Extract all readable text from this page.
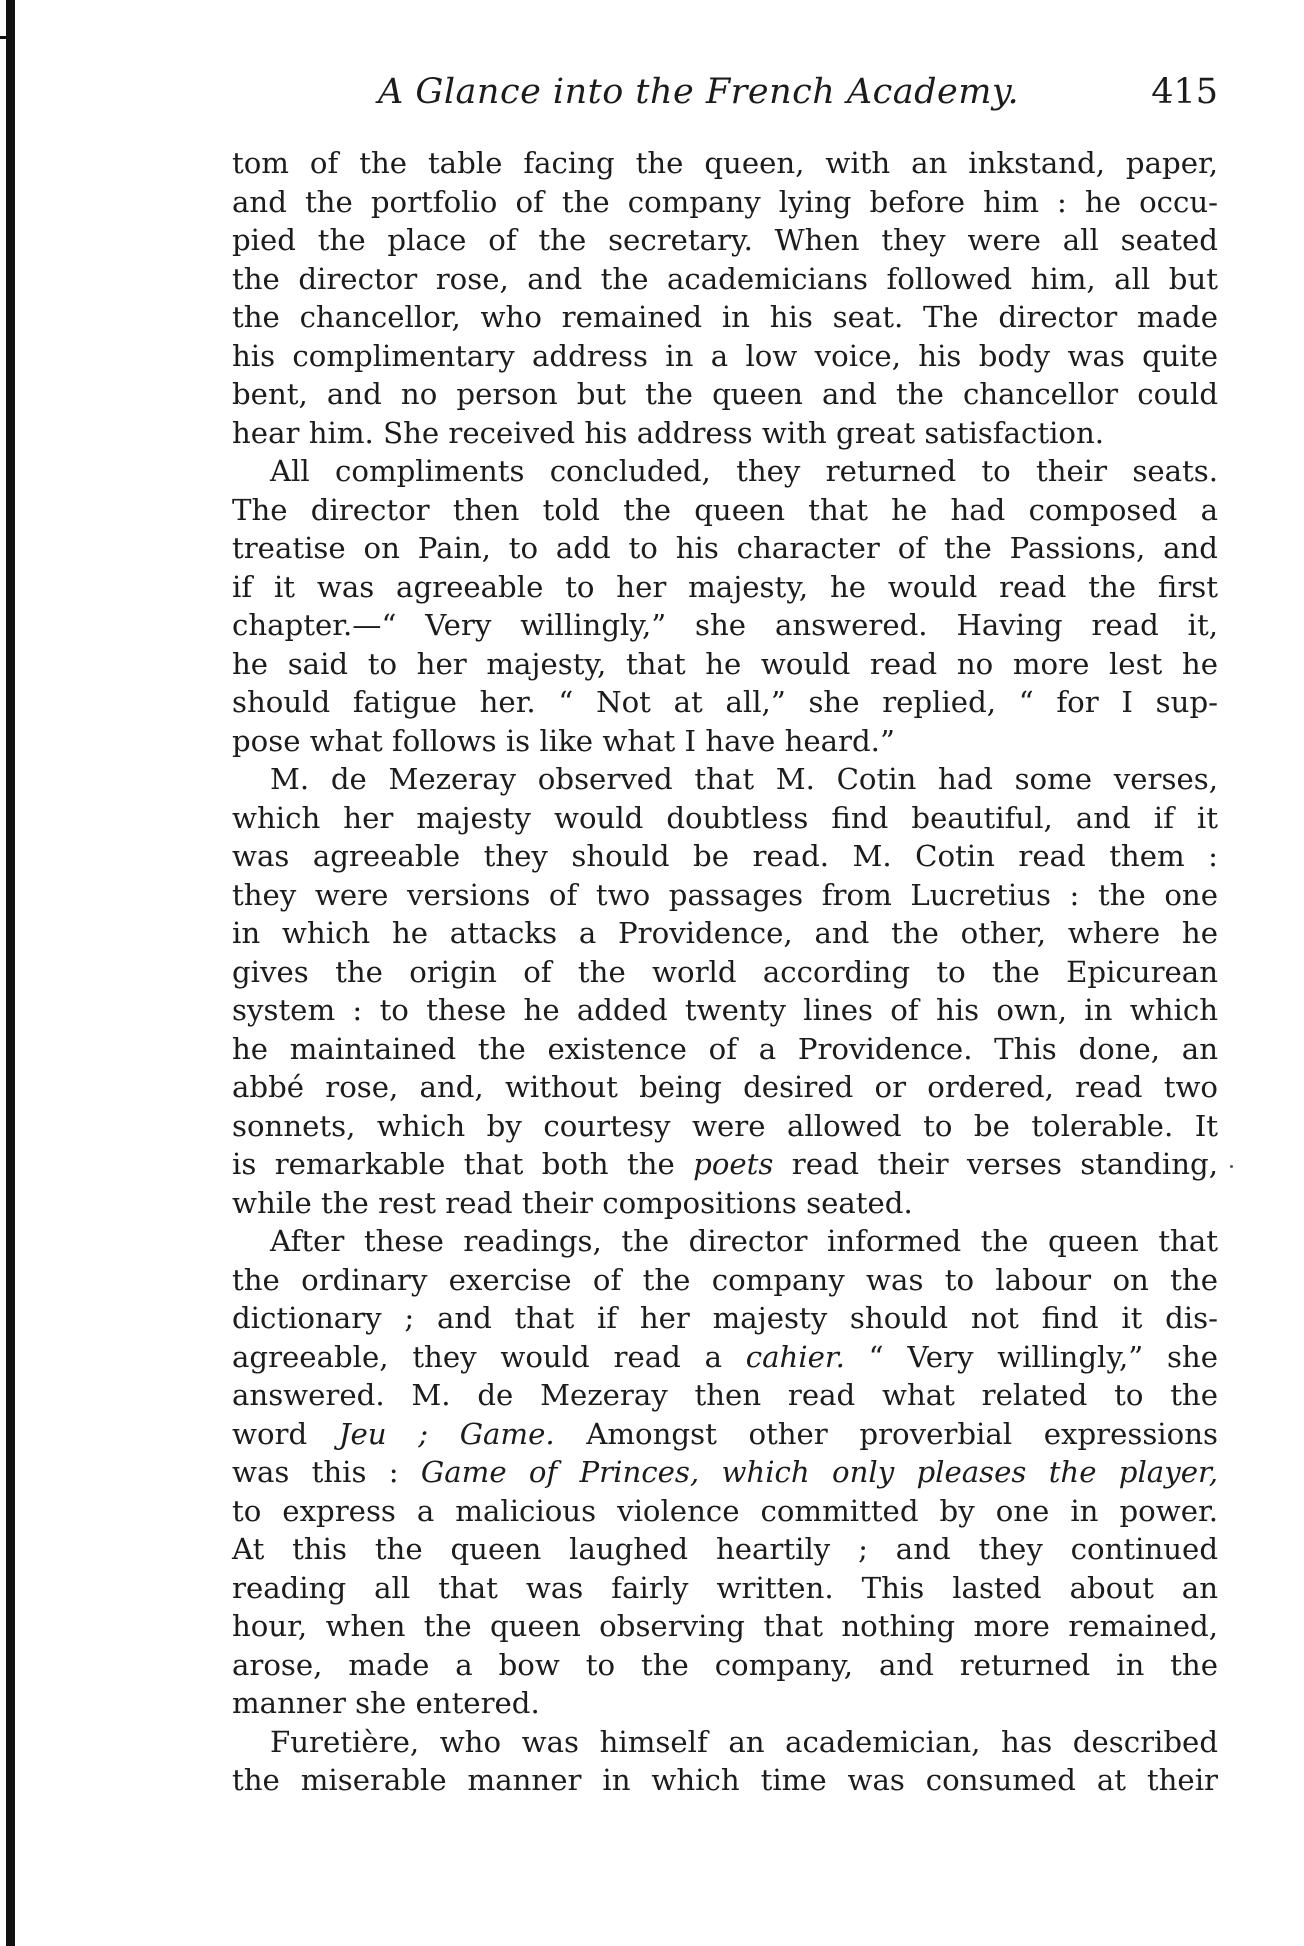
A Glance into the French Academy.	415
tom of the table facing the queen, with an inkstand, paper,
and the portfolio of the company lying before him : he occu-
pied the place of the secretary. When they were all seated
the director rose, and the academicians followed him, all but
the chancellor, who remained in his seat. The director made
his complimentary address in a low voice, his body was quite
bent, and no person but the queen and the chancellor could
hear him. She received his address with great satisfaction.
All compliments concluded, they returned to their seats.
The director then told the queen that he had composed a
treatise on Pain, to add to his character of the Passions, and
if it was agreeable to her majesty, he would read the first
chapter.—“ Very willingly,” she answered. Having read it,
he said to her majesty, that he would read no more lest he
should fatigue her. “ Not at all,” she replied, “ for I sup-
pose what follows is like what I have heard.”
M. de Mezeray observed that M. Cotin had some verses,
which her majesty would doubtless find beautiful, and if it
was agreeable they should be read. M. Cotin read them :
they were versions of two passages from Lucretius : the one
in which he attacks a Providence, and the other, where he
gives the origin of the world according to the Epicurean
system : to these he added twenty lines of his own, in which
he maintained the existence of a Providence. This done, an
abbé rose, and, without being desired or ordered, read two
sonnets, which by courtesy were allowed to be tolerable. It
is remarkable that both the poets read their verses standing,
while the rest read their compositions seated.
After these readings, the director informed the queen that
the ordinary exercise of the company was to labour on the
dictionary ; and that if her majesty should not find it dis-
agreeable, they would read a cahier. “ Very willingly,” she
answered. M. de Mezeray then read what related to the
word Jeu ; Game. Amongst other proverbial expressions
was this : Game of Princes, which only pleases the player,
to express a malicious violence committed by one in power.
At this the queen laughed heartily ; and they continued
reading all that was fairly written. This lasted about an
hour, when the queen observing that nothing more remained,
arose, made a bow to the company, and returned in the
manner she entered.
Furetière, who was himself an academician, has described
the miserable manner in which time was consumed at their
